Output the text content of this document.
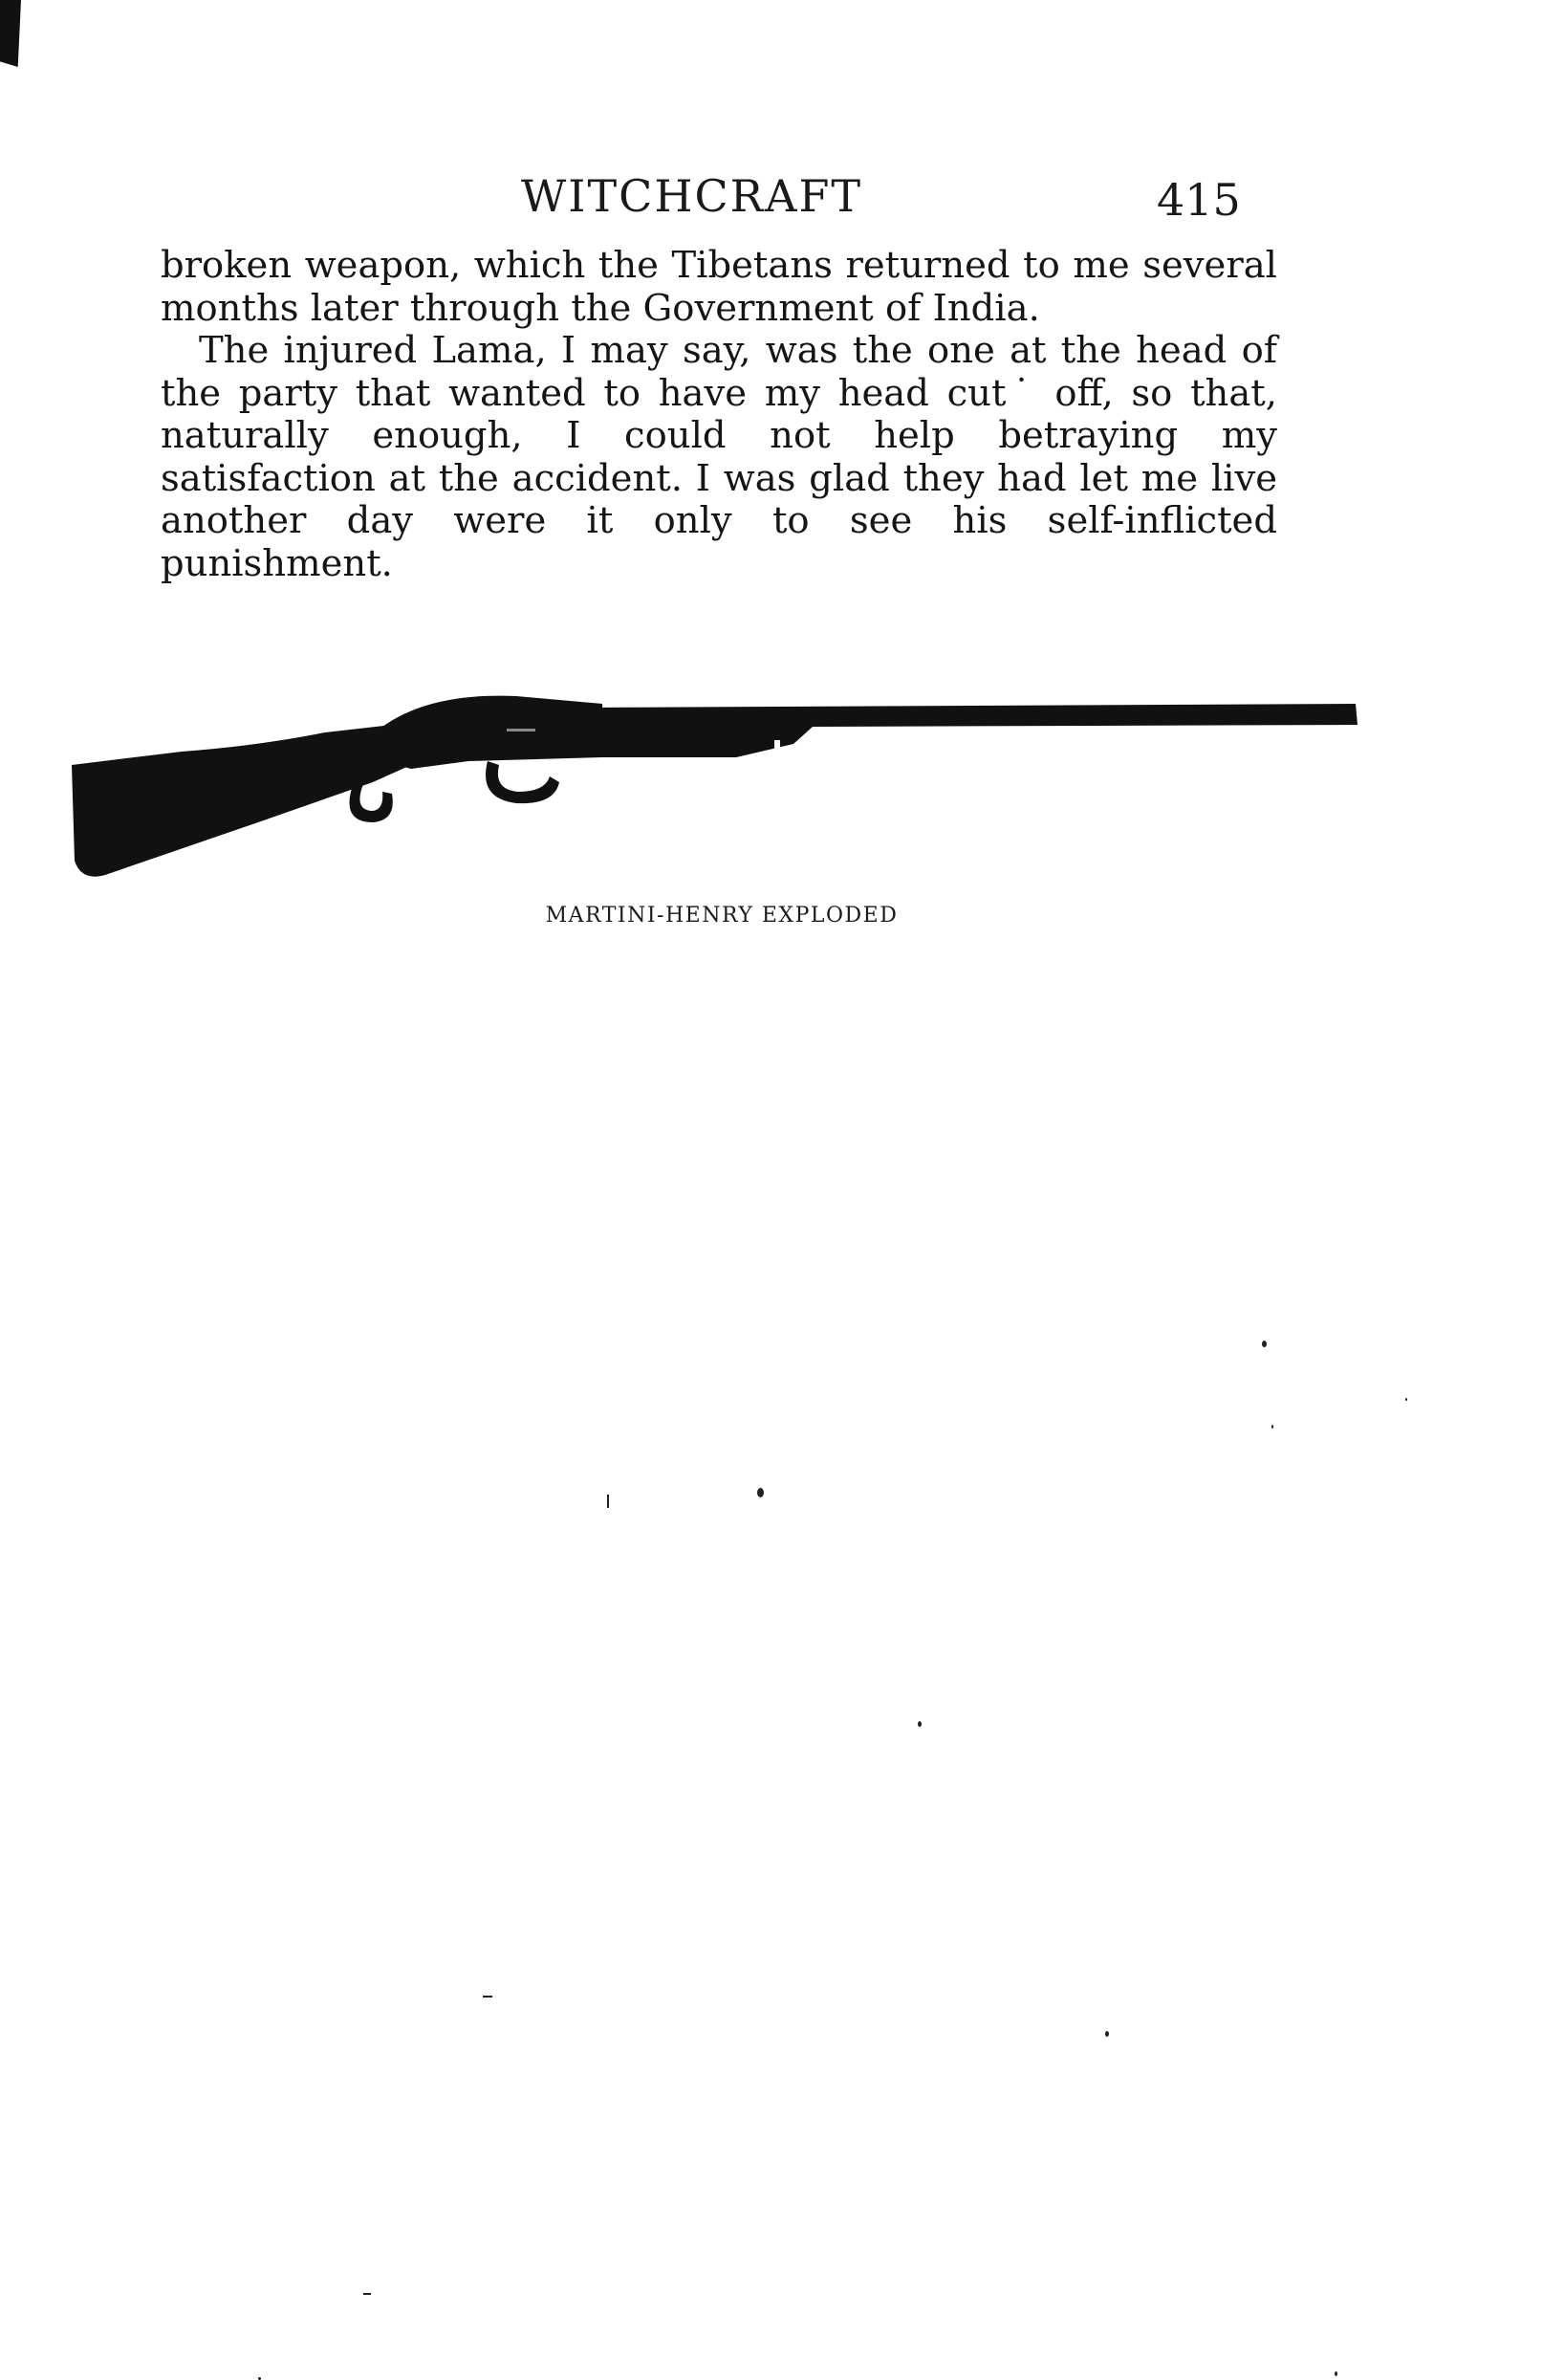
WITCHCRAFT	415

broken weapon, which the Tibetans returned to me several months later through the Government of India.

The injured Lama, I may say, was the one at the head of the party that wanted to have my head cut˙ off, so that, naturally enough, I could not help betraying my satisfaction at the accident. I was glad they had let me live another day were it only to see his self-inflicted punishment.

MARTINI-HENRY EXPLODED
